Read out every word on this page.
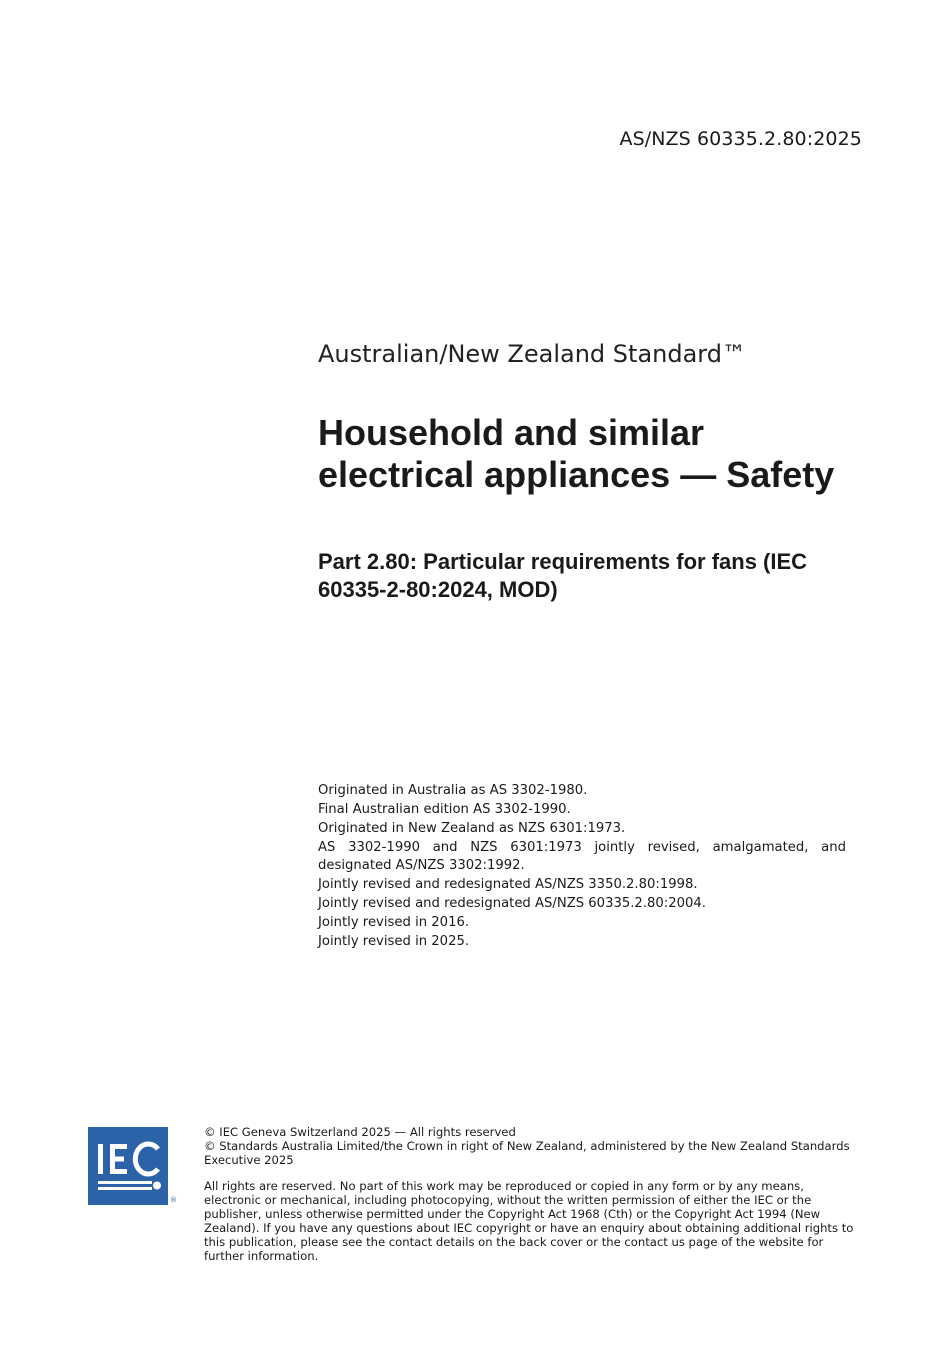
AS/NZS 60335.2.80:2025
Australian/New Zealand Standard™
Household and similar electrical appliances — Safety
Part 2.80: Particular requirements for fans (IEC 60335-2-80:2024, MOD)
Originated in Australia as AS 3302-1980.
Final Australian edition AS 3302-1990.
Originated in New Zealand as NZS 6301:1973.
AS 3302-1990 and NZS 6301:1973 jointly revised, amalgamated, and designated AS/NZS 3302:1992.
Jointly revised and redesignated AS/NZS 3350.2.80:1998.
Jointly revised and redesignated AS/NZS 60335.2.80:2004.
Jointly revised in 2016.
Jointly revised in 2025.
®

© IEC Geneva Switzerland 2025 — All rights reserved

© Standards Australia Limited/the Crown in right of New Zealand, administered by the New Zealand Standards Executive 2025

All rights are reserved. No part of this work may be reproduced or copied in any form or by any means, electronic or mechanical, including photocopying, without the written permission of either the IEC or the publisher, unless otherwise permitted under the Copyright Act 1968 (Cth) or the Copyright Act 1994 (New Zealand). If you have any questions about IEC copyright or have an enquiry about obtaining additional rights to this publication, please see the contact details on the back cover or the contact us page of the website for further information.
